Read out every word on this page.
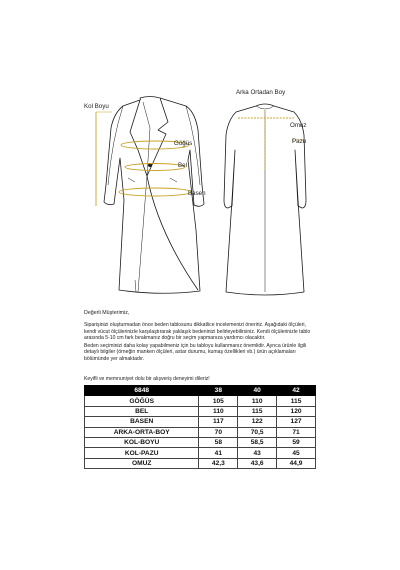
Kol Boyu
Göğüs
Bel
Basen
Arka Ortadan Boy
Omuz
Pazu

Değerli Müşterimiz,

Siparişinizi oluşturmadan önce beden tablosunu dikkatlice incelemenizi öneririz. Aşağıdaki ölçüleri, kendi vücut ölçülerinizle karşılaştırarak yaklaşık bedeninizi belirleyebilirsiniz. Kendi ölçülerinizle tablo arasında 5-10 cm fark bırakmanız doğru bir seçim yapmanıza yardımcı olacaktır.

Beden seçiminizi daha kolay yapabilmeniz için bu tabloyu kullanmanız önemlidir. Ayrıca ürünle ilgili detaylı bilgiler (örneğin manken ölçüleri, astar durumu, kumaş özellikleri vb.) ürün açıklamaları bölümünde yer almaktadır.

Keyifli ve memnuniyet dolu bir alışveriş deneyimi dileriz!
6848	38	40	42
GÖĞÜS	105	110	115
BEL	110	115	120
BASEN	117	122	127
ARKA-ORTA-BOY	70	70,5	71
KOL-BOYU	58	58,5	59
KOL-PAZU	41	43	45
OMUZ	42,3	43,6	44,9
